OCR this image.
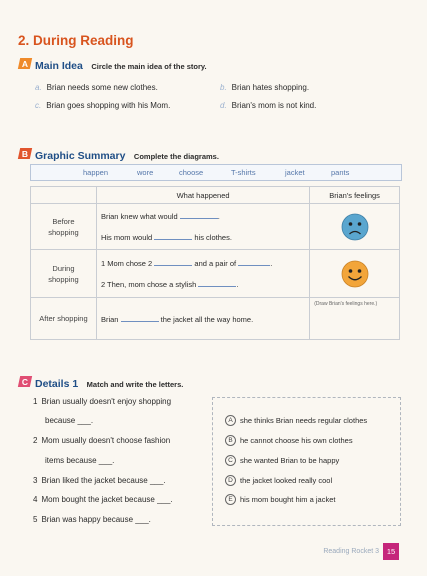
2. During Reading
A Main Idea Circle the main idea of the story.
a. Brian needs some new clothes.	b. Brian hates shopping.
c. Brian goes shopping with his Mom.	d. Brian's mom is not kind.
B Graphic Summary Complete the diagrams.
happen	wore	choose	T-shirts	jacket	pants
	What happened	Brian's feelings
Before shopping	Brian knew what would .
His mom would his clothes.

During shopping	1 Mom chose 2 and a pair of .
2 Then, mom chose a stylish .

After shopping	Brian the jacket all the way home.	(Draw Brian's feelings here.)
C Details 1 Match and write the letters.
1 Brian usually doesn't enjoy shopping
because ___.
2 Mom usually doesn't choose fashion
items because ___.
3 Brian liked the jacket because ___.
4 Mom bought the jacket because ___.
5 Brian was happy because ___.
A she thinks Brian needs regular clothes
B he cannot choose his own clothes
C she wanted Brian to be happy
D the jacket looked really cool
E his mom bought him a jacket
Reading Rocket 3	15
